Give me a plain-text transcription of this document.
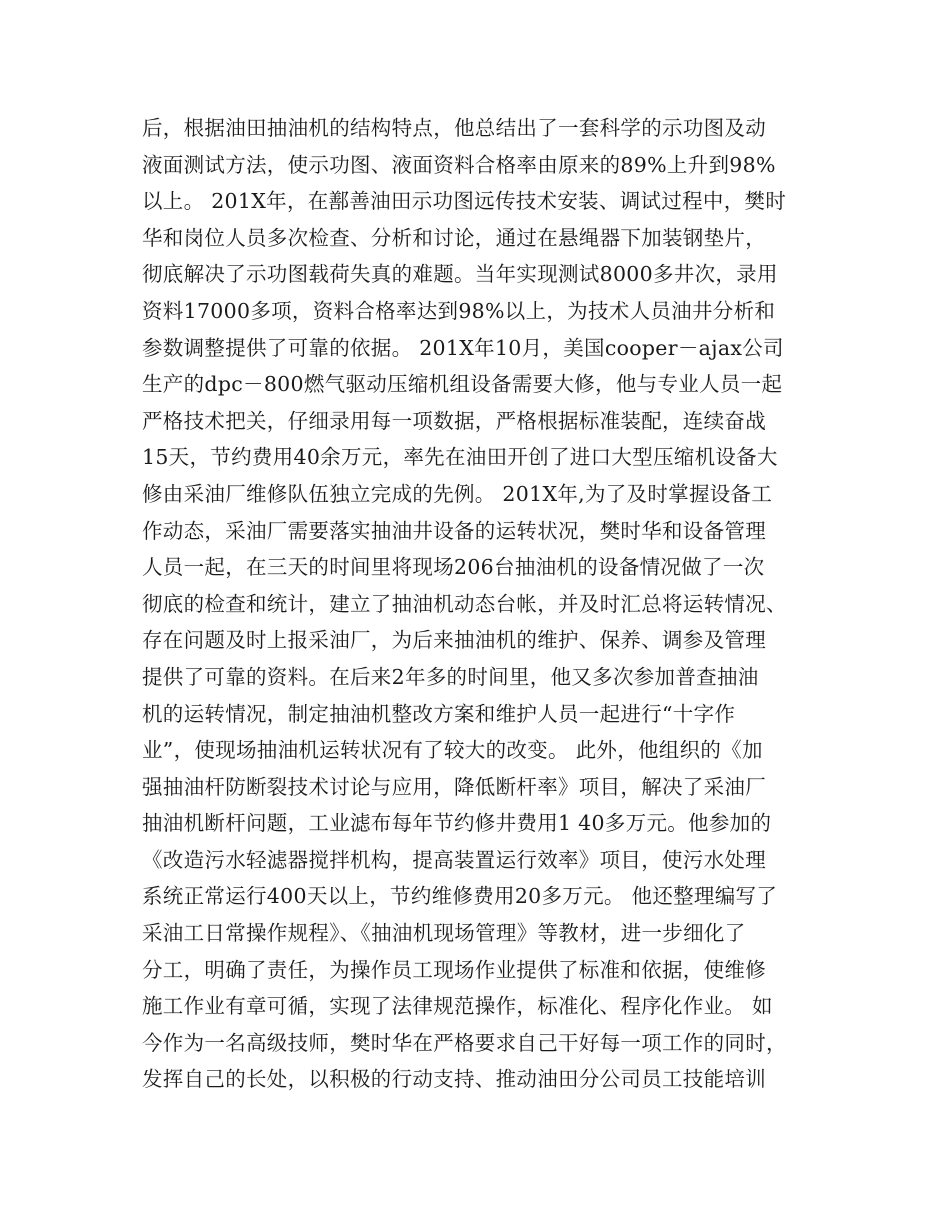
后，根据油田抽油机的结构特点，他总结出了一套科学的示功图及动
液面测试方法，使示功图、液面资料合格率由原来的89%上升到98%
以上。 201X年，在鄯善油田示功图远传技术安装、调试过程中，樊时
华和岗位人员多次检查、分析和讨论，通过在悬绳器下加装钢垫片，
彻底解决了示功图载荷失真的难题。当年实现测试8000多井次，录用
资料17000多项，资料合格率达到98%以上，为技术人员油井分析和
参数调整提供了可靠的依据。 201X年10月，美国cooper－ajax公司
生产的dpc－800燃气驱动压缩机组设备需要大修，他与专业人员一起
严格技术把关，仔细录用每一项数据，严格根据标准装配，连续奋战
15天，节约费用40余万元，率先在油田开创了进口大型压缩机设备大
修由采油厂维修队伍独立完成的先例。 201X年,为了及时掌握设备工
作动态，采油厂需要落实抽油井设备的运转状况，樊时华和设备管理
人员一起，在三天的时间里将现场206台抽油机的设备情况做了一次
彻底的检查和统计，建立了抽油机动态台帐，并及时汇总将运转情况、
存在问题及时上报采油厂，为后来抽油机的维护、保养、调参及管理
提供了可靠的资料。在后来2年多的时间里，他又多次参加普查抽油
机的运转情况，制定抽油机整改方案和维护人员一起进行“十字作
业”，使现场抽油机运转状况有了较大的改变。 此外，他组织的《加
强抽油杆防断裂技术讨论与应用，降低断杆率》项目，解决了采油厂
抽油机断杆问题，工业滤布每年节约修井费用1 40多万元。他参加的
《改造污水轻滤器搅拌机构，提高装置运行效率》项目，使污水处理
系统正常运行400天以上，节约维修费用20多万元。 他还整理编写了
采油工日常操作规程》、《抽油机现场管理》等教材，进一步细化了
分工，明确了责任，为操作员工现场作业提供了标准和依据，使维修
施工作业有章可循，实现了法律规范操作，标准化、程序化作业。 如
今作为一名高级技师，樊时华在严格要求自己干好每一项工作的同时，
发挥自己的长处，以积极的行动支持、推动油田分公司员工技能培训
